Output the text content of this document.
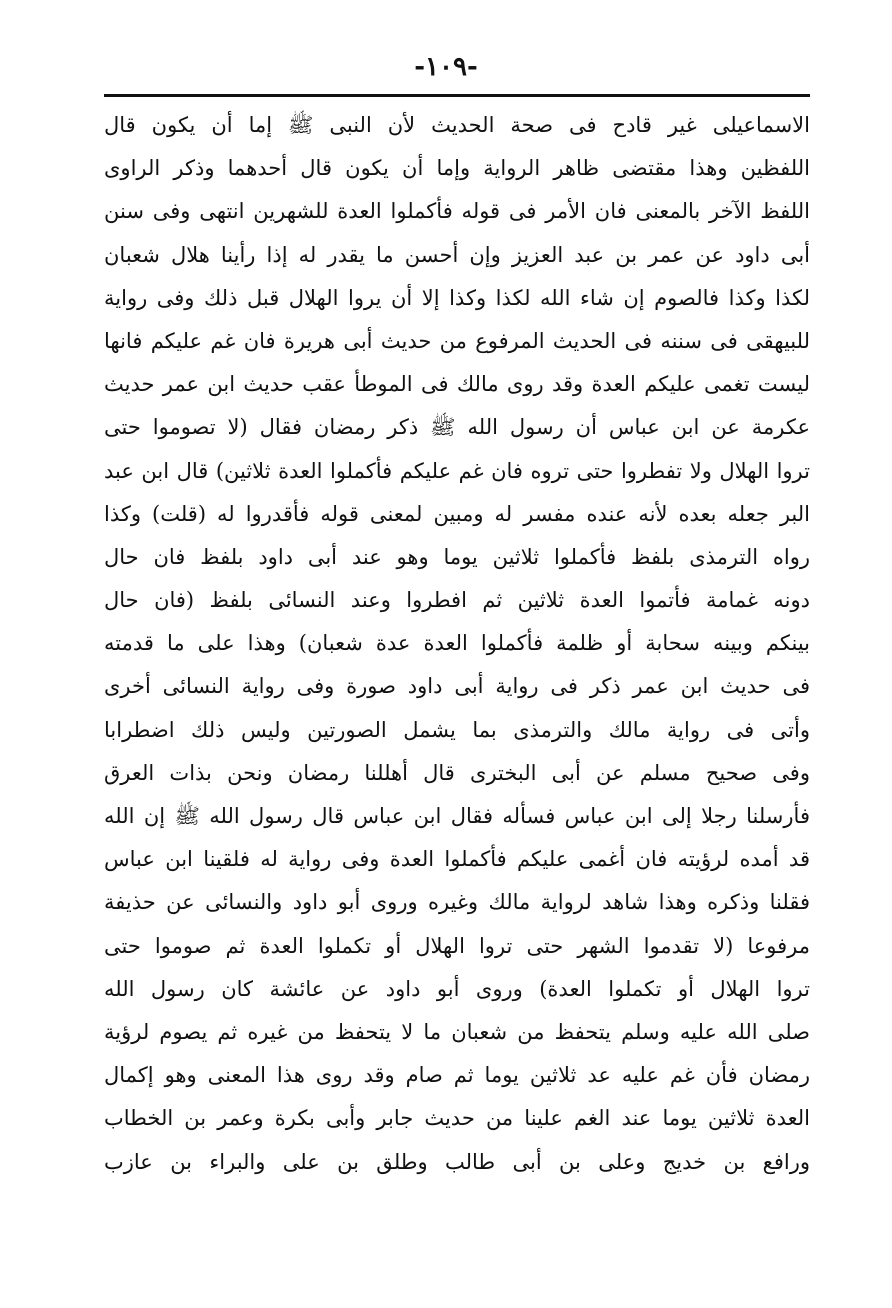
-١٠٩-
الاسماعيلى غير قادح فى صحة الحديث لأن النبى ﷺ إما أن يكون قال
اللفظين وهذا مقتضى ظاهر الرواية وإما أن يكون قال أحدهما وذكر الراوى
اللفظ الآخر بالمعنى فان الأمر فى قوله فأكملوا العدة للشهرين انتهى وفى سنن
أبى داود عن عمر بن عبد العزيز وإن أحسن ما يقدر له إذا رأينا هلال شعبان
لكذا وكذا فالصوم إن شاء الله لكذا وكذا إلا أن يروا الهلال قبل ذلك وفى رواية
للبيهقى فى سننه فى الحديث المرفوع من حديث أبى هريرة فان غم عليكم فانها
ليست تغمى عليكم العدة وقد روى مالك فى الموطأ عقب حديث ابن عمر حديث
عكرمة عن ابن عباس أن رسول الله ﷺ ذكر رمضان فقال (لا تصوموا حتى
تروا الهلال ولا تفطروا حتى تروه فان غم عليكم فأكملوا العدة ثلاثين) قال ابن عبد
البر جعله بعده لأنه عنده مفسر له ومبين لمعنى قوله فأقدروا له (قلت) وكذا
رواه الترمذى بلفظ فأكملوا ثلاثين يوما وهو عند أبى داود بلفظ فان حال
دونه غمامة فأتموا العدة ثلاثين ثم افطروا وعند النسائى بلفظ (فان حال
بينكم وبينه سحابة أو ظلمة فأكملوا العدة عدة شعبان) وهذا على ما قدمته
فى حديث ابن عمر ذكر فى رواية أبى داود صورة وفى رواية النسائى أخرى
وأتى فى رواية مالك والترمذى بما يشمل الصورتين وليس ذلك اضطرابا
وفى صحيح مسلم عن أبى البخترى قال أهللنا رمضان ونحن بذات العرق
فأرسلنا رجلا إلى ابن عباس فسأله فقال ابن عباس قال رسول الله ﷺ إن الله
قد أمده لرؤيته فان أغمى عليكم فأكملوا العدة وفى رواية له فلقينا ابن عباس
فقلنا وذكره وهذا شاهد لرواية مالك وغيره وروى أبو داود والنسائى عن حذيفة
مرفوعا (لا تقدموا الشهر حتى تروا الهلال أو تكملوا العدة ثم صوموا حتى
تروا الهلال أو تكملوا العدة) وروى أبو داود عن عائشة كان رسول الله
صلى الله عليه وسلم يتحفظ من شعبان ما لا يتحفظ من غيره ثم يصوم لرؤية
رمضان فأن غم عليه عد ثلاثين يوما ثم صام وقد روى هذا المعنى وهو إكمال
العدة ثلاثين يوما عند الغم علينا من حديث جابر وأبى بكرة وعمر بن الخطاب
ورافع بن خديج وعلى بن أبى طالب وطلق بن على والبراء بن عازب
